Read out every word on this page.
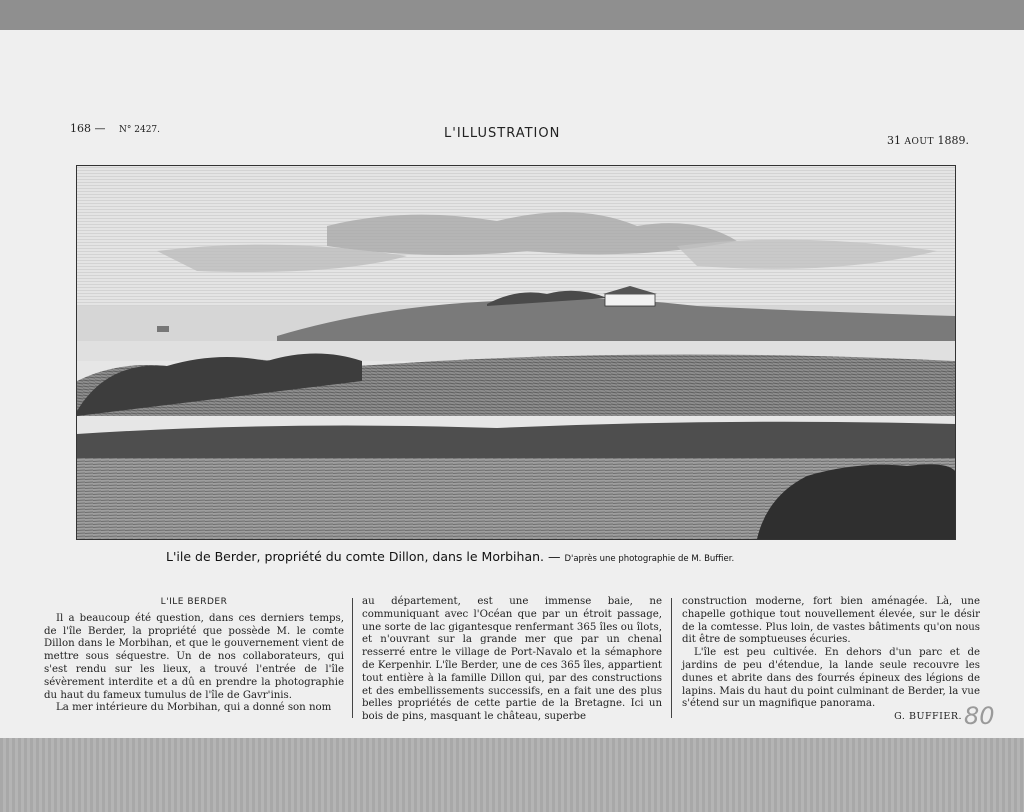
168 — N° 2427.	L'ILLUSTRATION	31 AOUT 1889.
L'ile de Berder, propriété du comte Dillon, dans le Morbihan. — D'après une photographie de M. Buffier.

L'ILE BERDER

Il a beaucoup été question, dans ces derniers temps, de l'île Berder, la propriété que possède M. le comte Dillon dans le Morbihan, et que le gouvernement vient de mettre sous séquestre. Un de nos collaborateurs, qui s'est rendu sur les lieux, a trouvé l'entrée de l'île sévèrement interdite et a dû en prendre la photographie du haut du fameux tumulus de l'île de Gavr'inis.

La mer intérieure du Morbihan, qui a donné son nom

au département, est une immense baie, ne communiquant avec l'Océan que par un étroit passage, une sorte de lac gigantesque renfermant 365 îles ou îlots, et n'ouvrant sur la grande mer que par un chenal resserré entre le village de Port-Navalo et la sémaphore de Kerpenhir. L'île Berder, une de ces 365 îles, appartient tout entière à la famille Dillon qui, par des constructions et des embellissements successifs, en a fait une des plus belles propriétés de cette partie de la Bretagne. Ici un bois de pins, masquant le château, superbe

construction moderne, fort bien aménagée. Là, une chapelle gothique tout nouvellement élevée, sur le désir de la comtesse. Plus loin, de vastes bâtiments qu'on nous dit être de somptueuses écuries.

L'île est peu cultivée. En dehors d'un parc et de jardins de peu d'étendue, la lande seule recouvre les dunes et abrite dans des fourrés épineux des légions de lapins. Mais du haut du point culminant de Berder, la vue s'étend sur un magnifique panorama.

G. BUFFIER. 80
